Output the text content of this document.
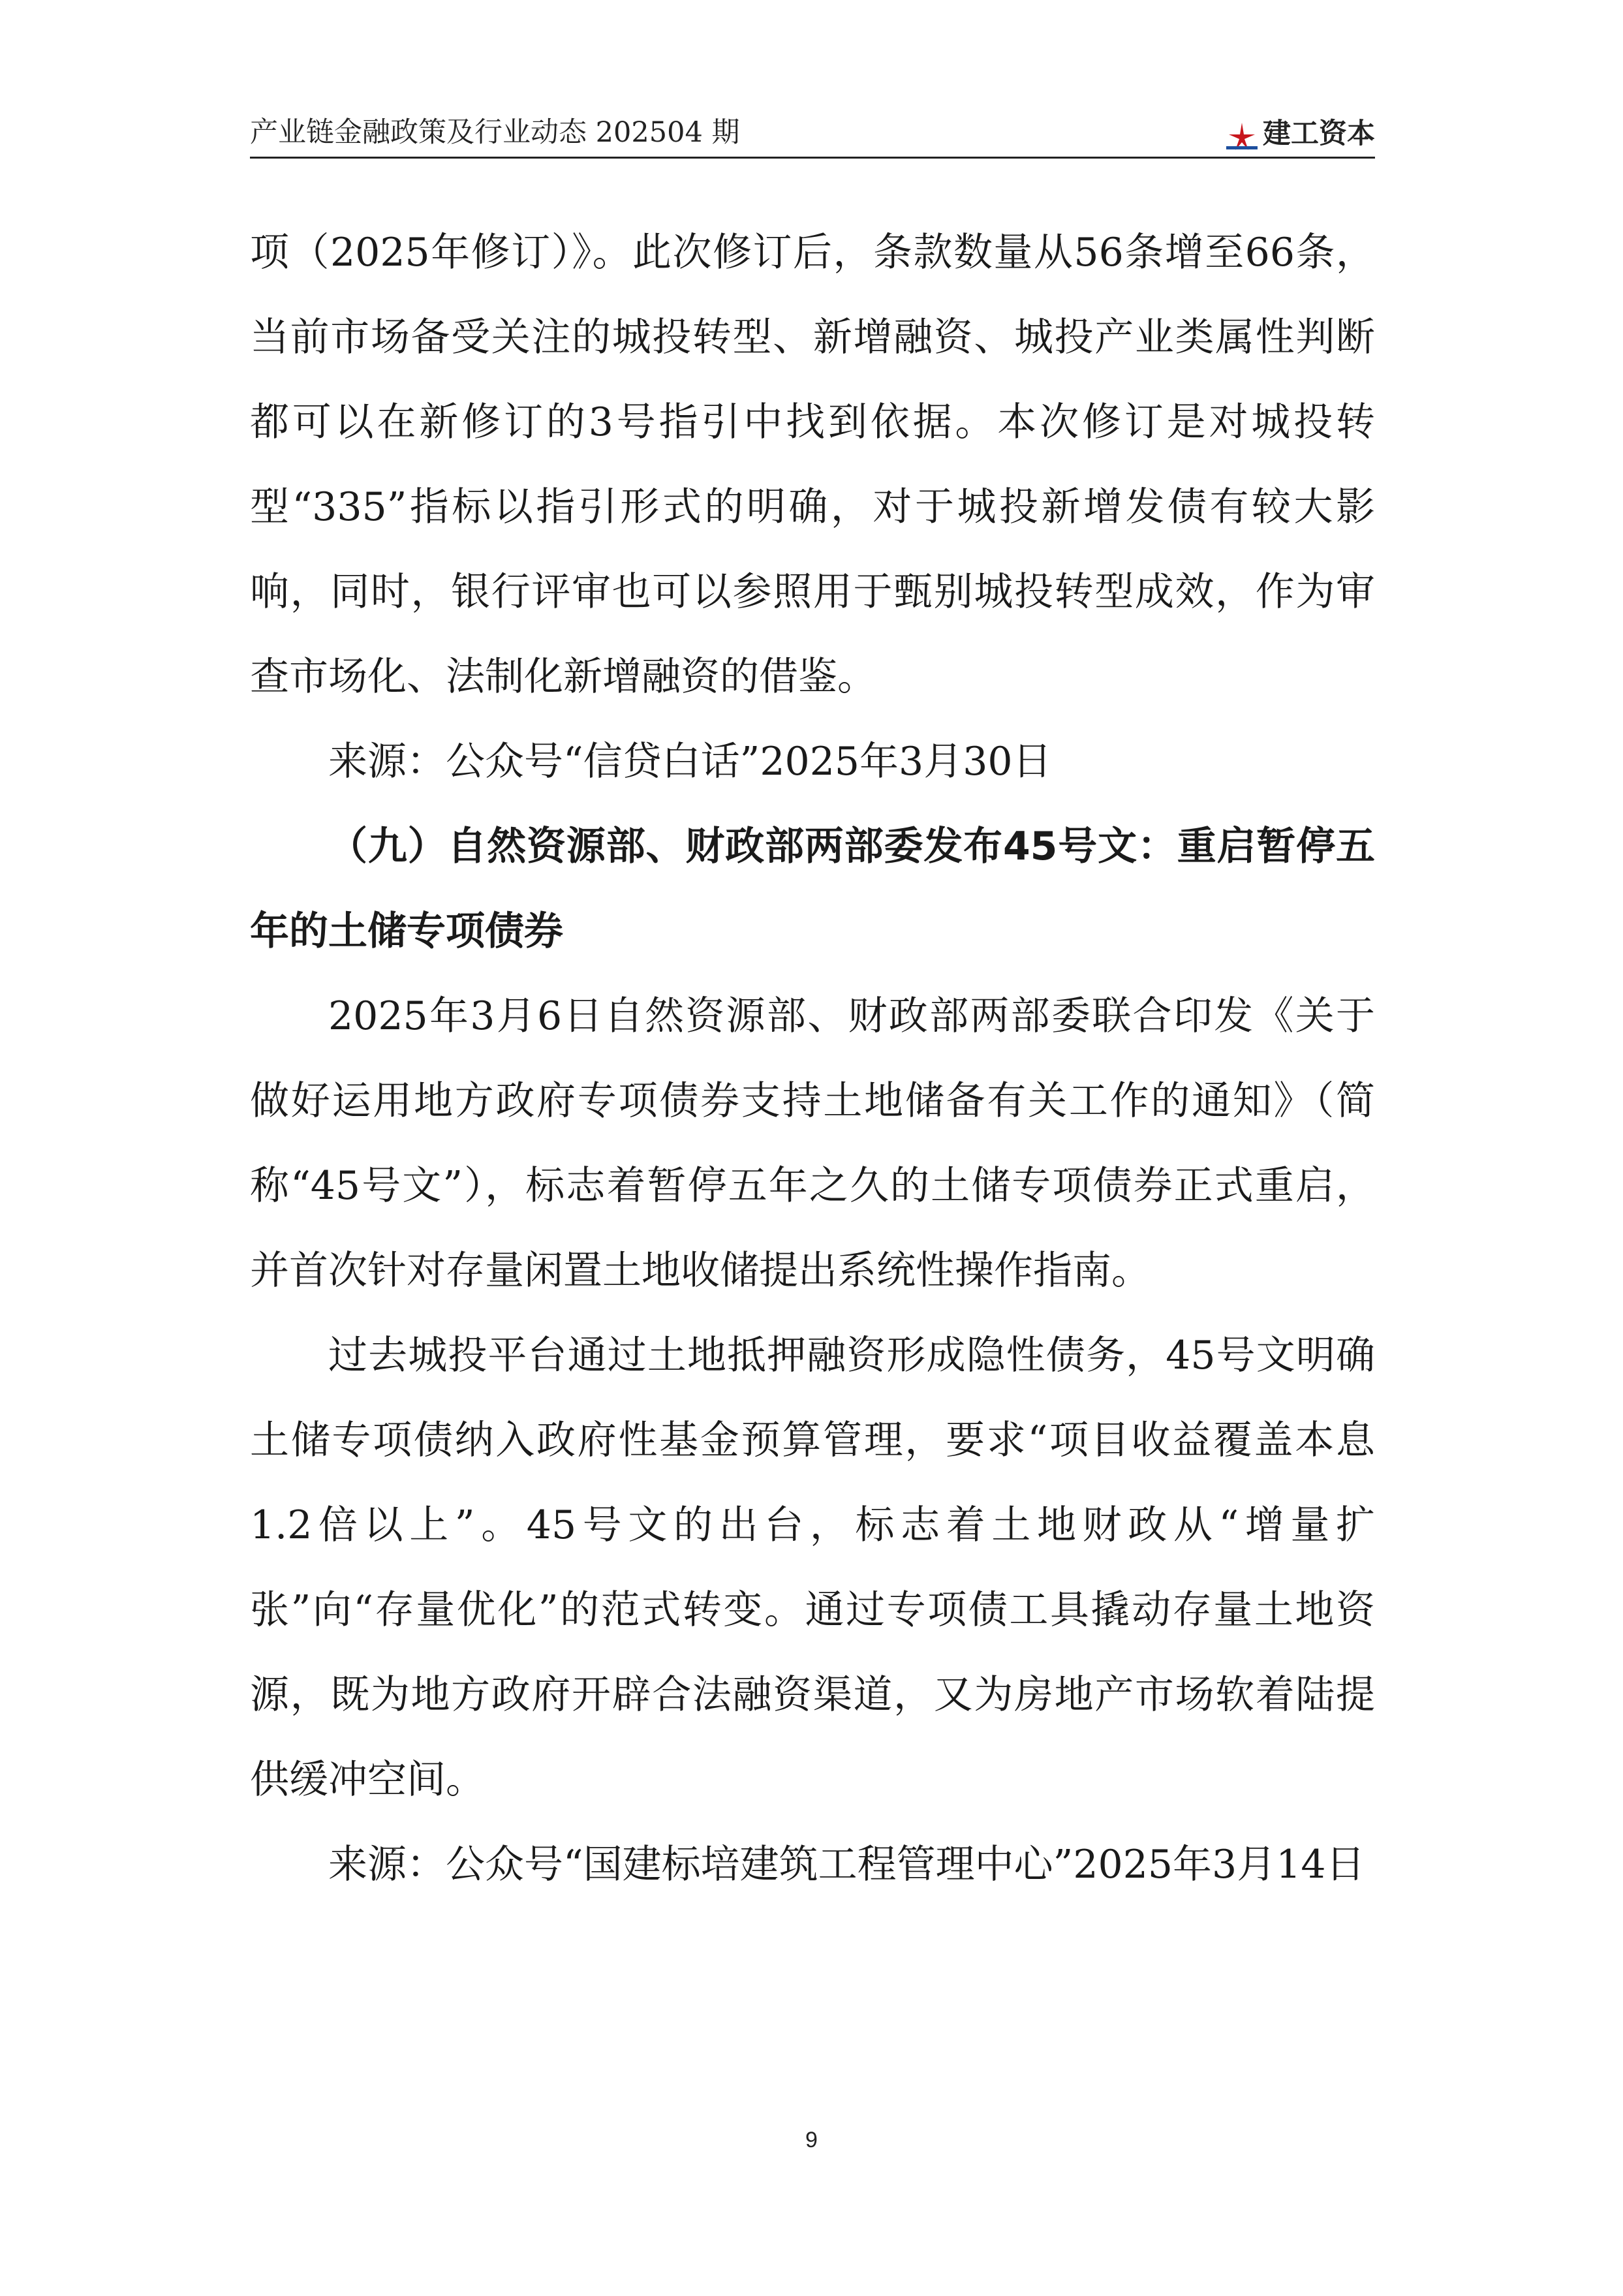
产业链金融政策及行业动态 202504 期	建工资本

项（2025年修订）》。此次修订后，条款数量从56条增至66条，当前市场备受关注的城投转型、新增融资、城投产业类属性判断都可以在新修订的3号指引中找到依据。本次修订是对城投转型“335”指标以指引形式的明确，对于城投新增发债有较大影响，同时，银行评审也可以参照用于甄别城投转型成效，作为审查市场化、法制化新增融资的借鉴。

来源：公众号“信贷白话”2025年3月30日

（九）自然资源部、财政部两部委发布45号文：重启暂停五年的土储专项债券

2025年3月6日自然资源部、财政部两部委联合印发《关于做好运用地方政府专项债券支持土地储备有关工作的通知》（简称“45号文”），标志着暂停五年之久的土储专项债券正式重启，并首次针对存量闲置土地收储提出系统性操作指南。

过去城投平台通过土地抵押融资形成隐性债务，45号文明确土储专项债纳入政府性基金预算管理，要求“项目收益覆盖本息1.2倍以上”。45号文的出台，标志着土地财政从“增量扩张”向“存量优化”的范式转变。通过专项债工具撬动存量土地资源，既为地方政府开辟合法融资渠道，又为房地产市场软着陆提供缓冲空间。

来源：公众号“国建标培建筑工程管理中心”2025年3月14日

9
